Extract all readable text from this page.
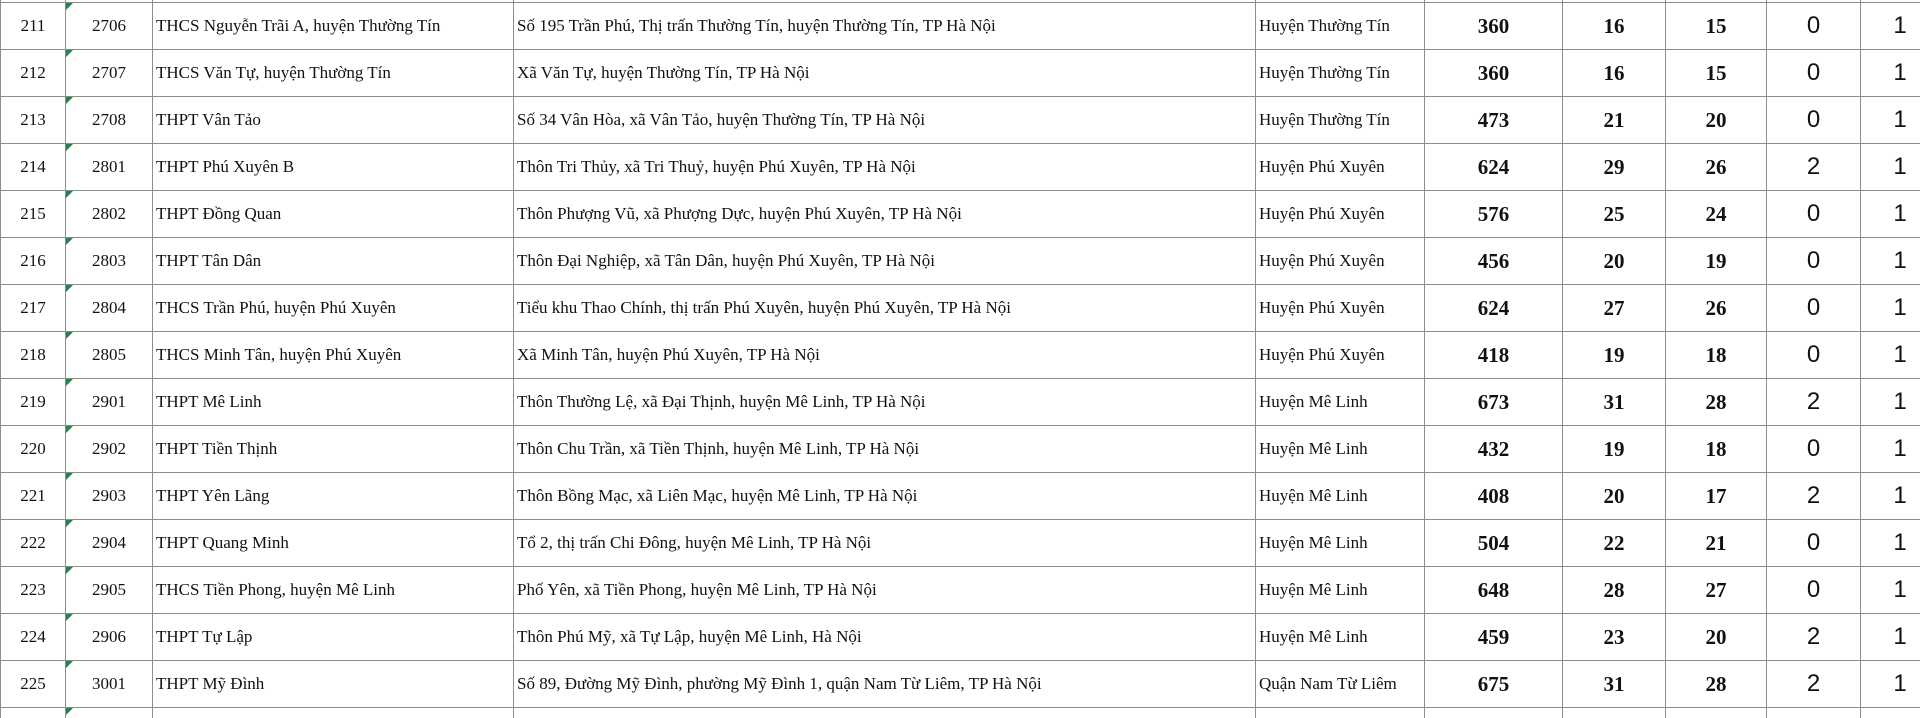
211	2706	THCS Nguyễn Trãi A, huyện Thường Tín	Số 195 Trần Phú, Thị trấn Thường Tín, huyện Thường Tín, TP Hà Nội	Huyện Thường Tín	360	16	15	0	1	
212	2707	THCS Văn Tự, huyện Thường Tín	Xã Văn Tự, huyện Thường Tín, TP Hà Nội	Huyện Thường Tín	360	16	15	0	1	
213	2708	THPT Vân Tảo	Số 34 Vân Hòa, xã Vân Tảo, huyện Thường Tín, TP Hà Nội	Huyện Thường Tín	473	21	20	0	1	
214	2801	THPT Phú Xuyên B	Thôn Tri Thủy, xã Tri Thuỷ, huyện Phú Xuyên, TP Hà Nội	Huyện Phú Xuyên	624	29	26	2	1	
215	2802	THPT Đồng Quan	Thôn Phượng Vũ, xã Phượng Dực, huyện Phú Xuyên, TP Hà Nội	Huyện Phú Xuyên	576	25	24	0	1	
216	2803	THPT Tân Dân	Thôn Đại Nghiệp, xã Tân Dân, huyện Phú Xuyên, TP Hà Nội	Huyện Phú Xuyên	456	20	19	0	1	
217	2804	THCS Trần Phú, huyện Phú Xuyên	Tiểu khu Thao Chính, thị trấn Phú Xuyên, huyện Phú Xuyên, TP Hà Nội	Huyện Phú Xuyên	624	27	26	0	1	
218	2805	THCS Minh Tân, huyện Phú Xuyên	Xã Minh Tân, huyện Phú Xuyên, TP Hà Nội	Huyện Phú Xuyên	418	19	18	0	1	
219	2901	THPT Mê Linh	Thôn Thường Lệ, xã Đại Thịnh, huyện Mê Linh, TP Hà Nội	Huyện Mê Linh	673	31	28	2	1	
220	2902	THPT Tiền Thịnh	Thôn Chu Trần, xã Tiền Thịnh, huyện Mê Linh, TP Hà Nội	Huyện Mê Linh	432	19	18	0	1	
221	2903	THPT Yên Lãng	Thôn Bồng Mạc, xã Liên Mạc, huyện Mê Linh, TP Hà Nội	Huyện Mê Linh	408	20	17	2	1	
222	2904	THPT Quang Minh	Tổ 2, thị trấn Chi Đông, huyện Mê Linh, TP Hà Nội	Huyện Mê Linh	504	22	21	0	1	
223	2905	THCS Tiền Phong, huyện Mê Linh	Phố Yên, xã Tiền Phong, huyện Mê Linh, TP Hà Nội	Huyện Mê Linh	648	28	27	0	1	
224	2906	THPT Tự Lập	Thôn Phú Mỹ, xã Tự Lập, huyện Mê Linh, Hà Nội	Huyện Mê Linh	459	23	20	2	1	
225	3001	THPT Mỹ Đình	Số 89, Đường Mỹ Đình, phường Mỹ Đình 1, quận Nam Từ Liêm, TP Hà Nội	Quận Nam Từ Liêm	675	31	28	2	1	
